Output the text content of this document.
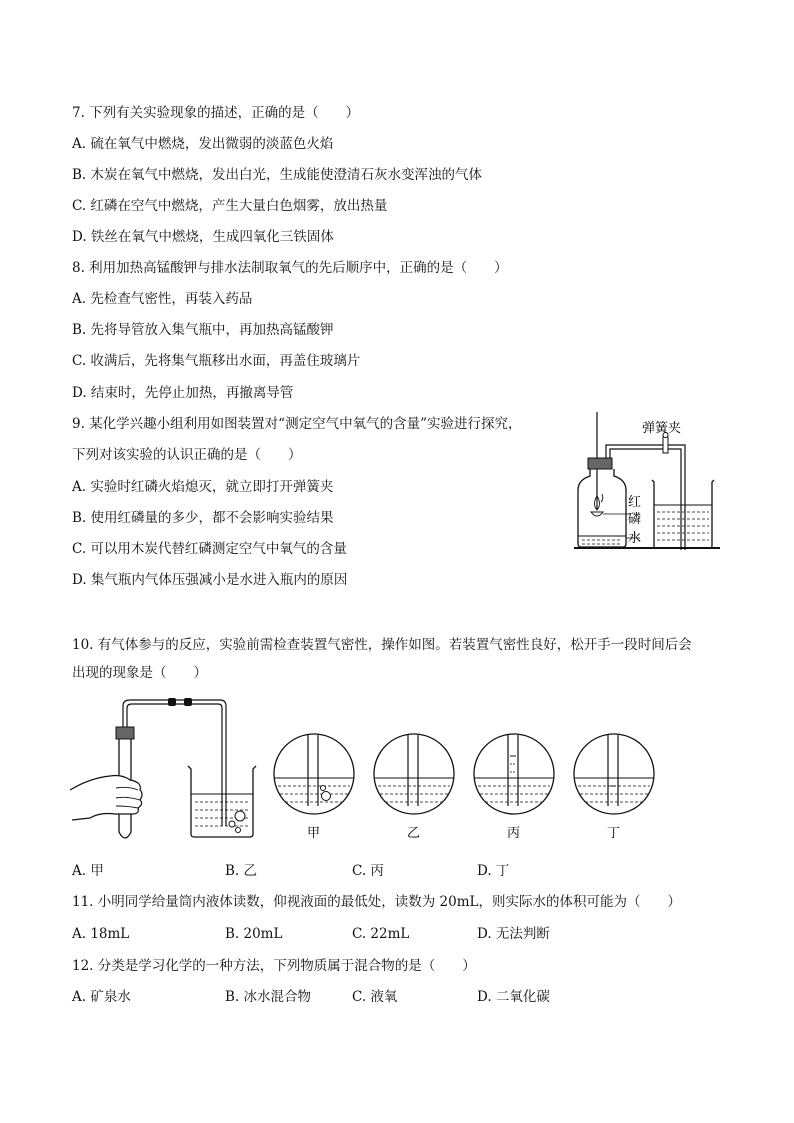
7. 下列有关实验现象的描述，正确的是（　　）
A. 硫在氧气中燃烧，发出微弱的淡蓝色火焰
B. 木炭在氧气中燃烧，发出白光，生成能使澄清石灰水变浑浊的气体
C. 红磷在空气中燃烧，产生大量白色烟雾，放出热量
D. 铁丝在氧气中燃烧，生成四氧化三铁固体
8. 利用加热高锰酸钾与排水法制取氧气的先后顺序中，正确的是（　　）
A. 先检查气密性，再装入药品
B. 先将导管放入集气瓶中，再加热高锰酸钾
C. 收满后，先将集气瓶移出水面，再盖住玻璃片
D. 结束时，先停止加热，再撤离导管
9. 某化学兴趣小组利用如图装置对“测定空气中氧气的含量”实验进行探究，
下列对该实验的认识正确的是（　　）
A. 实验时红磷火焰熄灭，就立即打开弹簧夹
B. 使用红磷量的多少，都不会影响实验结果
C. 可以用木炭代替红磷测定空气中氧气的含量
D. 集气瓶内气体压强减小是水进入瓶内的原因
弹簧夹
红
磷
水
10. 有气体参与的反应，实验前需检查装置气密性，操作如图。若装置气密性良好，松开手一段时间后会
出现的现象是（　　）
甲	乙	丙	丁
A. 甲	B. 乙	C. 丙	D. 丁
11. 小明同学给量筒内液体读数，仰视液面的最低处，读数为 20mL，则实际水的体积可能为（　　）
A. 18mL	B. 20mL	C. 22mL	D. 无法判断
12. 分类是学习化学的一种方法，下列物质属于混合物的是（　　）
A. 矿泉水	B. 冰水混合物	C. 液氧	D. 二氧化碳
